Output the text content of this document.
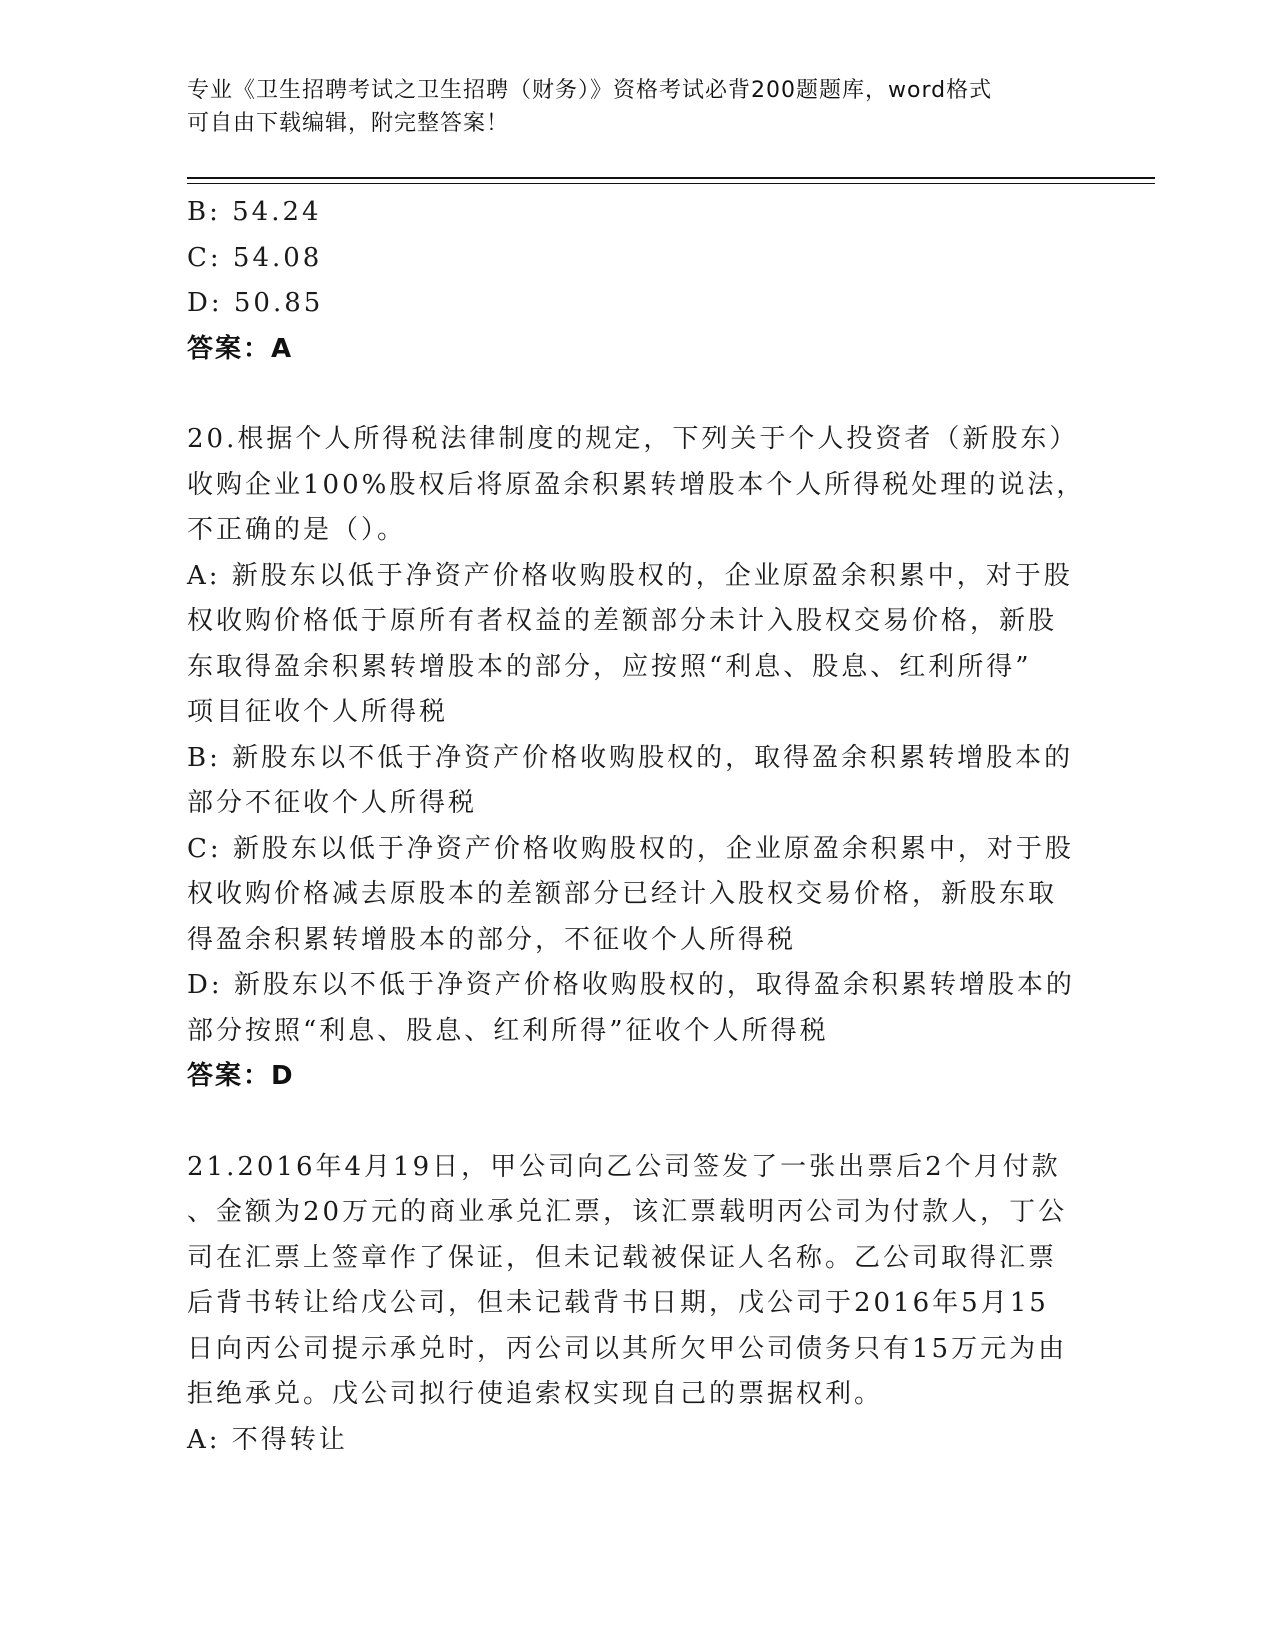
专业《卫生招聘考试之卫生招聘（财务）》资格考试必背200题题库，word格式
可自由下载编辑，附完整答案！
B: 54.24
C: 54.08
D: 50.85
答案：A
20.根据个人所得税法律制度的规定，下列关于个人投资者（新股东）
收购企业100%股权后将原盈余积累转增股本个人所得税处理的说法，
不正确的是（）。
A: 新股东以低于净资产价格收购股权的，企业原盈余积累中，对于股
权收购价格低于原所有者权益的差额部分未计入股权交易价格，新股
东取得盈余积累转增股本的部分，应按照“利息、股息、红利所得”
项目征收个人所得税
B: 新股东以不低于净资产价格收购股权的，取得盈余积累转增股本的
部分不征收个人所得税
C: 新股东以低于净资产价格收购股权的，企业原盈余积累中，对于股
权收购价格减去原股本的差额部分已经计入股权交易价格，新股东取
得盈余积累转增股本的部分，不征收个人所得税
D: 新股东以不低于净资产价格收购股权的，取得盈余积累转增股本的
部分按照“利息、股息、红利所得”征收个人所得税
答案：D
21.2016年4月19日，甲公司向乙公司签发了一张出票后2个月付款
、金额为20万元的商业承兑汇票，该汇票载明丙公司为付款人，丁公
司在汇票上签章作了保证，但未记载被保证人名称。乙公司取得汇票
后背书转让给戊公司，但未记载背书日期，戊公司于2016年5月15
日向丙公司提示承兑时，丙公司以其所欠甲公司债务只有15万元为由
拒绝承兑。戊公司拟行使追索权实现自己的票据权利。
A: 不得转让
